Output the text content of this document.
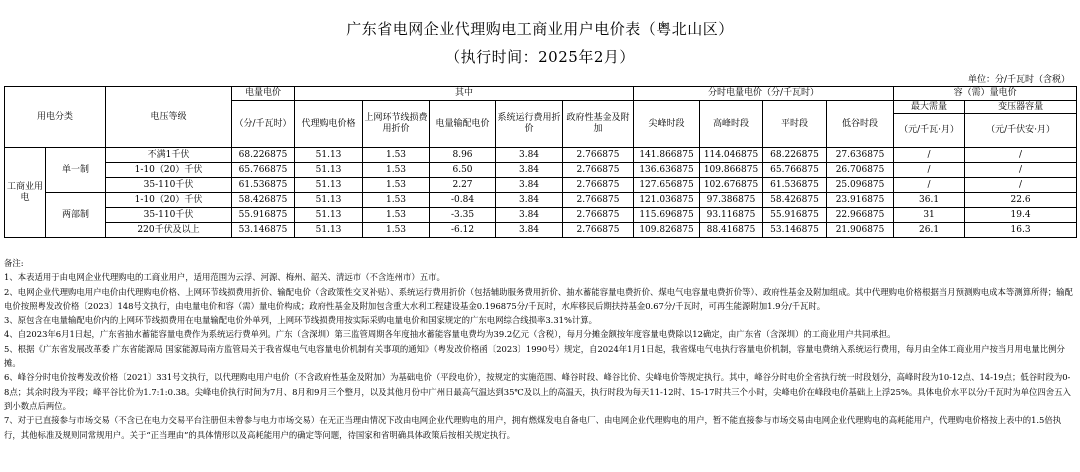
广东省电网企业代理购电工商业用户电价表（粤北山区）
（执行时间：2025年2月）
单位：分/千瓦时（含税）
用电分类		电压等级	电量电价	其中					分时电量电价（分/千瓦时）				容（需）量电价	
			（分/千瓦时）	代理购电价格	上网环节线损费用折价	电量输配电价	系统运行费用折价	政府性基金及附加	尖峰时段	高峰时段	平时段	低谷时段	最大需量	变压器容量
													（元/千瓦·月）	（元/千伏安·月）
工商业用电	单一制	不满1千伏	68.226875	51.13	1.53	8.96	3.84	2.766875	141.866875	114.046875	68.226875	27.636875	/	/
		1-10（20）千伏	65.766875	51.13	1.53	6.50	3.84	2.766875	136.636875	109.866875	65.766875	26.706875	/	/
		35-110千伏	61.536875	51.13	1.53	2.27	3.84	2.766875	127.656875	102.676875	61.536875	25.096875	/	/
	两部制	1-10（20）千伏	58.426875	51.13	1.53	-0.84	3.84	2.766875	121.036875	97.386875	58.426875	23.916875	36.1	22.6
		35-110千伏	55.916875	51.13	1.53	-3.35	3.84	2.766875	115.696875	93.116875	55.916875	22.966875	31	19.4
		220千伏及以上	53.146875	51.13	1.53	-6.12	3.84	2.766875	109.826875	88.416875	53.146875	21.906875	26.1	16.3
备注:
1、本表适用于由电网企业代理购电的工商业用户，适用范围为云浮、河源、梅州、韶关、清远市（不含连州市）五市。
2、电网企业代理购电用户电价由代理购电价格、上网环节线损费用折价、输配电价（含政策性交叉补贴）、系统运行费用折价（包括辅助服务费用折价、抽水蓄能容量电费折价、煤电气电容量电费折价等）、政府性基金及附加组成。其中代理购电价格根据当月预测购电成本等测算所得；输配电价按照粤发改价格〔2023〕148号文执行，由电量电价和容（需）量电价构成；政府性基金及附加包含重大水利工程建设基金0.196875分/千瓦时，水库移民后期扶持基金0.67分/千瓦时，可再生能源附加1.9分/千瓦时。
3、原包含在电量输配电价内的上网环节线损费用在电量输配电价外单列，上网环节线损费用按实际采购电量电价和国家规定的广东电网综合线损率3.31%计算。
4、自2023年6月1日起，广东省抽水蓄能容量电费作为系统运行费单列。广东（含深圳）第三监管周期各年度抽水蓄能容量电费均为39.2亿元（含税），每月分摊金额按年度容量电费除以12确定，由广东省（含深圳）的工商业用户共同承担。
5、根据《广东省发展改革委 广东省能源局 国家能源局南方监管局关于我省煤电气电容量电价机制有关事项的通知》（粤发改价格函〔2023〕1990号）规定，自2024年1月1日起，我省煤电气电执行容量电价机制，容量电费纳入系统运行费用，每月由全体工商业用户按当月用电量比例分摊。
6、峰谷分时电价按粤发改价格〔2021〕331号文执行，以代理购电用户电价（不含政府性基金及附加）为基础电价（平段电价），按规定的实施范围、峰谷时段、峰谷比价、尖峰电价等规定执行。其中，峰谷分时电价全省执行统一时段划分，高峰时段为10-12点、14-19点；低谷时段为0-8点；其余时段为平段；峰平谷比价为1.7:1:0.38。尖峰电价执行时间为7月、8月和9月三个整月，以及其他月份中广州日最高气温达到35℃及以上的高温天，执行时段为每天11-12时、15-17时共三个小时，尖峰电价在峰段电价基础上上浮25%。具体电价水平以分/千瓦时为单位四舍五入到小数点后两位。
7、对于已直接参与市场交易（不含已在电力交易平台注册但未曾参与电力市场交易）在无正当理由情况下改由电网企业代理购电的用户，拥有燃煤发电自备电厂、由电网企业代理购电的用户，暂不能直接参与市场交易由电网企业代理购电的高耗能用户，代理购电价格按上表中的1.5倍执行，其他标准及规则同常规用户。关于“正当理由”的具体情形以及高耗能用户的确定等问题，待国家和省明确具体政策后按相关规定执行。
